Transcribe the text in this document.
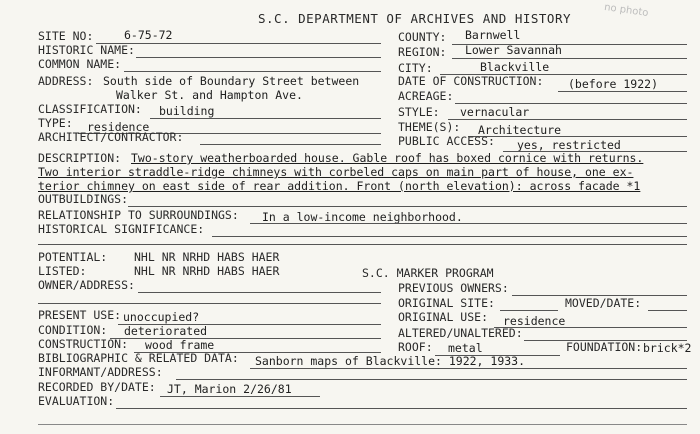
S.C. DEPARTMENT OF ARCHIVES AND HISTORY	no photo
SITE NO:	6-75-72	COUNTY: Barnwell
HISTORIC NAME:	REGION: Lower Savannah
COMMON NAME:	CITY:	Blackville
ADDRESS: South side of Boundary Street between
Walker St. and Hampton Ave.
DATE OF CONSTRUCTION: (before 1922)
ACREAGE:
CLASSIFICATION: building	STYLE: vernacular
TYPE: residence	THEME(S): Architecture
ARCHITECT/CONTRACTOR:	PUBLIC ACCESS: yes, restricted
DESCRIPTION: Two-story weatherboarded house. Gable roof has boxed cornice with returns.
Two interior straddle-ridge chimneys with corbeled caps on main part of house, one ex-
terior chimney on east side of rear addition. Front (north elevation): across facade *1
OUTBUILDINGS:
RELATIONSHIP TO SURROUNDINGS: In a low-income neighborhood.
HISTORICAL SIGNIFICANCE:
POTENTIAL: NHL NR NRHD HABS HAER
LISTED:	NHL NR NRHD HABS HAER	S.C. MARKER PROGRAM
OWNER/ADDRESS:	PREVIOUS OWNERS:
ORIGINAL SITE:	MOVED/DATE:
PRESENT USE: unoccupied?	ORIGINAL USE: residence
CONDITION: deteriorated	ALTERED/UNALTERED:
CONSTRUCTION: wood frame	ROOF: metal	FOUNDATION: brick*2
BIBLIOGRAPHIC & RELATED DATA: Sanborn maps of Blackville: 1922, 1933.
INFORMANT/ADDRESS:
RECORDED BY/DATE: JT, Marion 2/26/81
EVALUATION:
